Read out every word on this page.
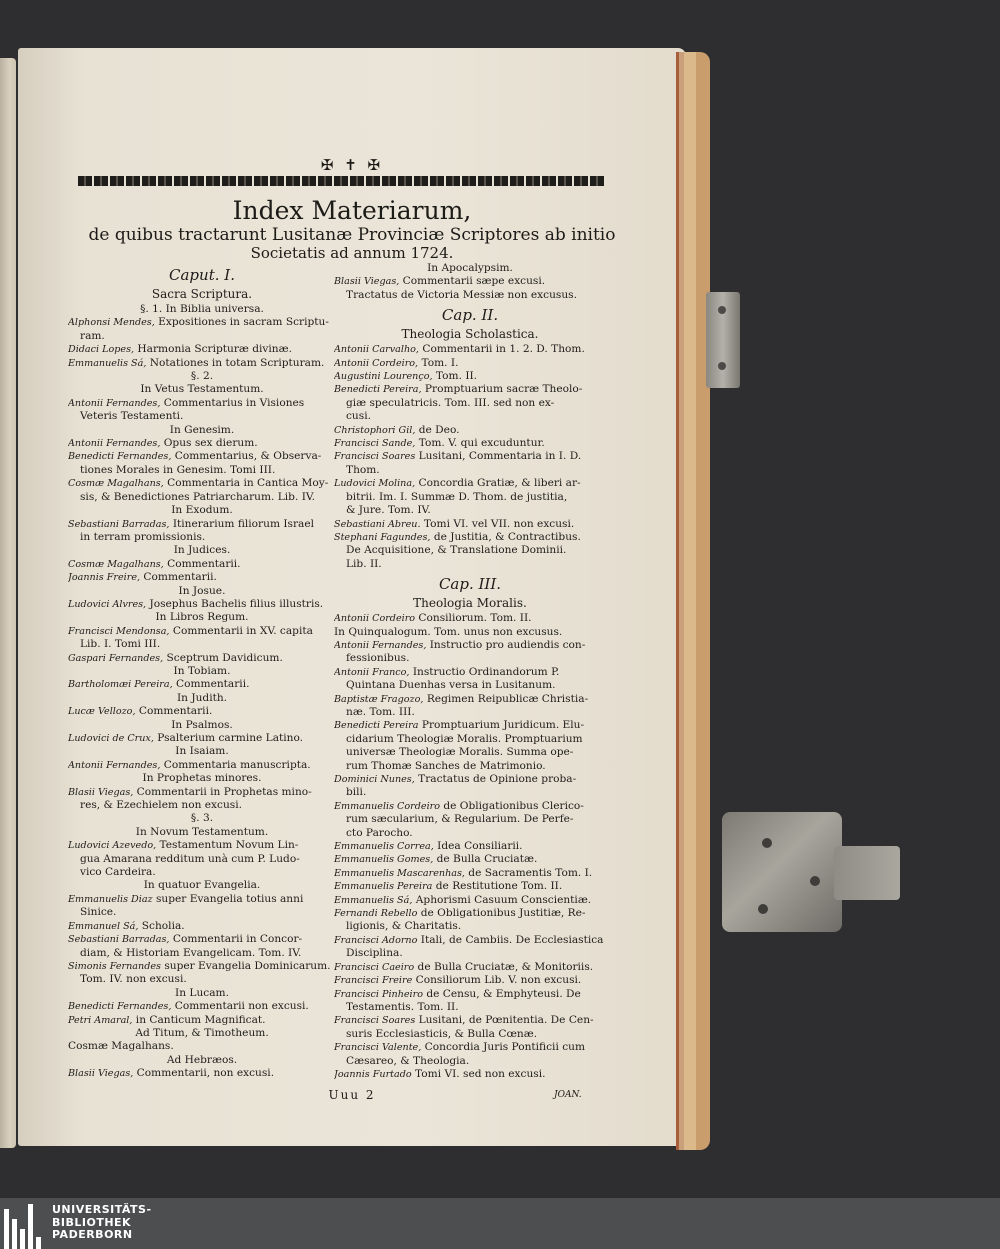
✠ ✝ ✠
Index Materiarum,
de quibus tractarunt Lusitanæ Provinciæ Scriptores ab initio
Societatis ad annum 1724.
Caput. I.
Sacra Scriptura.
§. 1. In Biblia universa.
Alphonsi Mendes, Expositiones in sacram Scriptu-
ram.
Didaci Lopes, Harmonia Scripturæ divinæ.
Emmanuelis Sá, Notationes in totam Scripturam.
§. 2.
In Vetus Testamentum.
Antonii Fernandes, Commentarius in Visiones
Veteris Testamenti.
In Genesim.
Antonii Fernandes, Opus sex dierum.
Benedicti Fernandes, Commentarius, & Observa-
tiones Morales in Genesim. Tomi III.
Cosmæ Magalhans, Commentaria in Cantica Moy-
sis, & Benedictiones Patriarcharum. Lib. IV.
In Exodum.
Sebastiani Barradas, Itinerarium filiorum Israel
in terram promissionis.
In Judices.
Cosmæ Magalhans, Commentarii.
Joannis Freire, Commentarii.
In Josue.
Ludovici Alvres, Josephus Bachelis filius illustris.
In Libros Regum.
Francisci Mendonsa, Commentarii in XV. capita
Lib. I. Tomi III.
Gaspari Fernandes, Sceptrum Davidicum.
In Tobiam.
Bartholomæi Pereira, Commentarii.
In Judith.
Lucæ Vellozo, Commentarii.
In Psalmos.
Ludovici de Crux, Psalterium carmine Latino.
In Isaiam.
Antonii Fernandes, Commentaria manuscripta.
In Prophetas minores.
Blasii Viegas, Commentarii in Prophetas mino-
res, & Ezechielem non excusi.
§. 3.
In Novum Testamentum.
Ludovici Azevedo, Testamentum Novum Lin-
gua Amarana redditum unà cum P. Ludo-
vico Cardeira.
In quatuor Evangelia.
Emmanuelis Diaz super Evangelia totius anni
Sinice.
Emmanuel Sá, Scholia.
Sebastiani Barradas, Commentarii in Concor-
diam, & Historiam Evangelicam. Tom. IV.
Simonis Fernandes super Evangelia Dominicarum.
Tom. IV. non excusi.
In Lucam.
Benedicti Fernandes, Commentarii non excusi.
Petri Amaral, in Canticum Magnificat.
Ad Titum, & Timotheum.
Cosmæ Magalhans.
Ad Hebræos.
Blasii Viegas, Commentarii, non excusi.
In Apocalypsim.
Blasii Viegas, Commentarii sæpe excusi.
Tractatus de Victoria Messiæ non excusus.
Cap. II.
Theologia Scholastica.
Antonii Carvalho, Commentarii in 1. 2. D. Thom.
Antonii Cordeiro, Tom. I.
Augustini Lourenço, Tom. II.
Benedicti Pereira, Promptuarium sacræ Theolo-
giæ speculatricis. Tom. III. sed non ex-
cusi.
Christophori Gil, de Deo.
Francisci Sande, Tom. V. qui excuduntur.
Francisci Soares Lusitani, Commentaria in I. D.
Thom.
Ludovici Molina, Concordia Gratiæ, & liberi ar-
bitrii. Im. I. Summæ D. Thom. de justitia,
& Jure. Tom. IV.
Sebastiani Abreu. Tomi VI. vel VII. non excusi.
Stephani Fagundes, de Justitia, & Contractibus.
De Acquisitione, & Translatione Dominii.
Lib. II.
Cap. III.
Theologia Moralis.
Antonii Cordeiro Consiliorum. Tom. II.
In Quinqualogum. Tom. unus non excusus.
Antonii Fernandes, Instructio pro audiendis con-
fessionibus.
Antonii Franco, Instructio Ordinandorum P.
Quintana Duenhas versa in Lusitanum.
Baptistæ Fragozo, Regimen Reipublicæ Christia-
næ. Tom. III.
Benedicti Pereira Promptuarium Juridicum. Elu-
cidarium Theologiæ Moralis. Promptuarium
universæ Theologiæ Moralis. Summa ope-
rum Thomæ Sanches de Matrimonio.
Dominici Nunes, Tractatus de Opinione proba-
bili.
Emmanuelis Cordeiro de Obligationibus Clerico-
rum sæcularium, & Regularium. De Perfe-
cto Parocho.
Emmanuelis Correa, Idea Consiliarii.
Emmanuelis Gomes, de Bulla Cruciatæ.
Emmanuelis Mascarenhas, de Sacramentis Tom. I.
Emmanuelis Pereira de Restitutione Tom. II.
Emmanuelis Sá, Aphorismi Casuum Conscientiæ.
Fernandi Rebello de Obligationibus Justitiæ, Re-
ligionis, & Charitatis.
Francisci Adorno Itali, de Cambiis. De Ecclesiastica
Disciplina.
Francisci Caeiro de Bulla Cruciatæ, & Monitoriis.
Francisci Freire Consiliorum Lib. V. non excusi.
Francisci Pinheiro de Censu, & Emphyteusi. De
Testamentis. Tom. II.
Francisci Soares Lusitani, de Pœnitentia. De Cen-
suris Ecclesiasticis, & Bulla Cœnæ.
Francisci Valente, Concordia Juris Pontificii cum
Cæsareo, & Theologia.
Joannis Furtado Tomi VI. sed non excusi.
Uuu 2	JOAN.
UNIVERSITÄTS-
BIBLIOTHEK
PADERBORN
